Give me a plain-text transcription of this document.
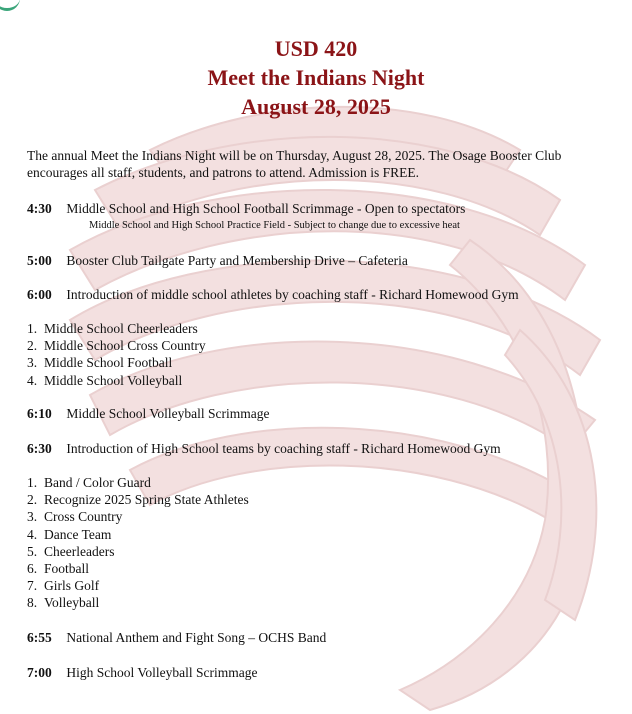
USD 420
Meet the Indians Night
August 28, 2025
The annual Meet the Indians Night will be on Thursday, August 28, 2025. The Osage Booster Club encourages all staff, students, and patrons to attend. Admission is FREE.
4:30 Middle School and High School Football Scrimmage - Open to spectators
Middle School and High School Practice Field - Subject to change due to excessive heat
5:00 Booster Club Tailgate Party and Membership Drive – Cafeteria
6:00 Introduction of middle school athletes by coaching staff - Richard Homewood Gym
1. Middle School Cheerleaders
2. Middle School Cross Country
3. Middle School Football
4. Middle School Volleyball
6:10 Middle School Volleyball Scrimmage
6:30 Introduction of High School teams by coaching staff - Richard Homewood Gym
1. Band / Color Guard
2. Recognize 2025 Spring State Athletes
3. Cross Country
4. Dance Team
5. Cheerleaders
6. Football
7. Girls Golf
8. Volleyball
6:55 National Anthem and Fight Song – OCHS Band
7:00 High School Volleyball Scrimmage
